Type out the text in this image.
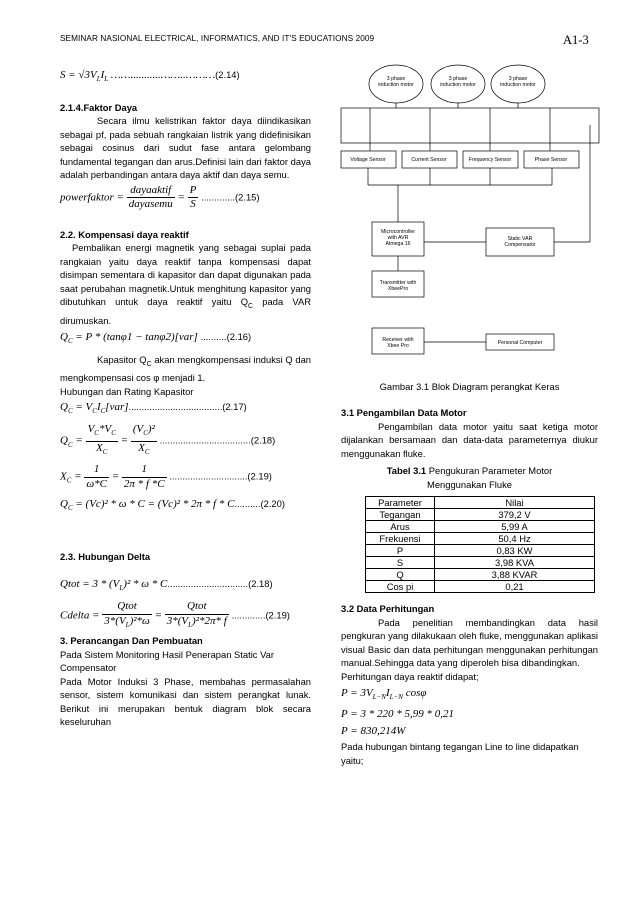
SEMINAR NASIONAL ELECTRICAL, INFORMATICS, AND IT'S EDUCATIONS 2009	A1-3
$S = √3V_LI_L$ ……...........……..………(2.14)
2.1.4.Faktor Daya
Secara ilmu kelistrikan faktor daya diindikasikan sebagai pf, pada sebuah rangkaian listrik yang didefinisikan sebagai cosinus dari sudut fase antara gelombang fundamental tegangan dan arus.Definisi lain dari faktor daya adalah perbandingan antara daya aktif dan daya semu.
powerfaktor = $\frac{\text{dayaaktif}}{\text{dayasemu}} = \frac{P}{S} .............(2.15)$
2.2. Kompensasi daya reaktif
Pembalikan energi magnetik yang sebagai suplai pada rangkaian yaitu daya reaktif tanpa kompensasi dapat disimpan sementara di kapasitor dan dapat digunakan pada saat perubahan magnetik.Untuk menghitung kapasitor yang dibutuhkan untuk daya reaktif yaitu $Q_C$ pada VAR dirumuskan.
$Q_C = P * (\tan\varphi 1 - \tan\varphi 2)[var]$ ..........(2.16)
Kapasitor $Q_C$ akan mengkompensasi induksi Q dan mengkompensasi cos φ menjadi 1.
Hubungan dan Rating Kapasitor
$Q_C = V_CI_C[var]....................................(2.17)$
$Q_C = \frac{V_C*V_C}{X_C} = \frac{(V_C)^2}{X_C} ...................................(2.18)$
$X_C = \frac{1}{\omega*C} = \frac{1}{2\pi * f *C} ..............................(2.19)$
$Q_C = (Vc)^2 * \omega * C = (Vc)^2 * 2\pi * f * C..........(2.20)$
2.3. Hubungan Delta
Qtot = $3 * (V_L)^2$ * ω * C...............................(2.18)
Cdelta = $\frac{\text{Qtot}}{3*(V_L)^2*\omega} = \frac{\text{Qtot}}{3*(V_L)^2*2\pi* f} .............(2.19)$
3. Perancangan Dan Pembuatan
Pada Sistem Monitoring Hasil Penerapan Static Var Compensator
Pada Motor Induksi 3 Phase, membahas permasalahan sensor, sistem komunikasi dan sistem perangkat lunak. Berikut ini merupakan bentuk diagram blok secara keseluruhan
3 phase induction motor
3 phase induction motor
3 phase induction motor
Voltage Sensor	Current Sensor	Frequency Sensor	Phase Sensor
Microcontroller with AVR Atmega 16
Static VAR Compensator
Transmitter with XbeePro
Receiver with Xbee Pro	Personal Computer
Gambar 3.1 Blok Diagram perangkat Keras
3.1 Pengambilan Data Motor
Pengambilan data motor yaitu saat ketiga motor dijalankan bersamaan dan data-data parameternya diukur menggunakan fluke.
Tabel 3.1 Pengukuran Parameter Motor Menggunakan Fluke
Parameter	Nilai
Tegangan	379,2 V
Arus	5,99 A
Frekuensi	50,4 Hz
P	0,83 KW
S	3,98 KVA
Q	3,88 KVAR
Cos pi	0,21
3.2 Data Perhitungan
Pada penelitian membandingkan data hasil pengkuran yang dilakukaan oleh fluke, menggunakan aplikasi visual Basic dan data perhitungan menggunakan perhitungan manual.Sehingga data yang diperoleh bisa dibandingkan.
Perhitungan daya reaktif didapat;
$P = 3V_{L-N}I_{L-N}$ cosφ
P = 3 * 220 * 5,99 * 0,21
P = 830,214W
Pada hubungan bintang tegangan Line to line didapatkan yaitu;
